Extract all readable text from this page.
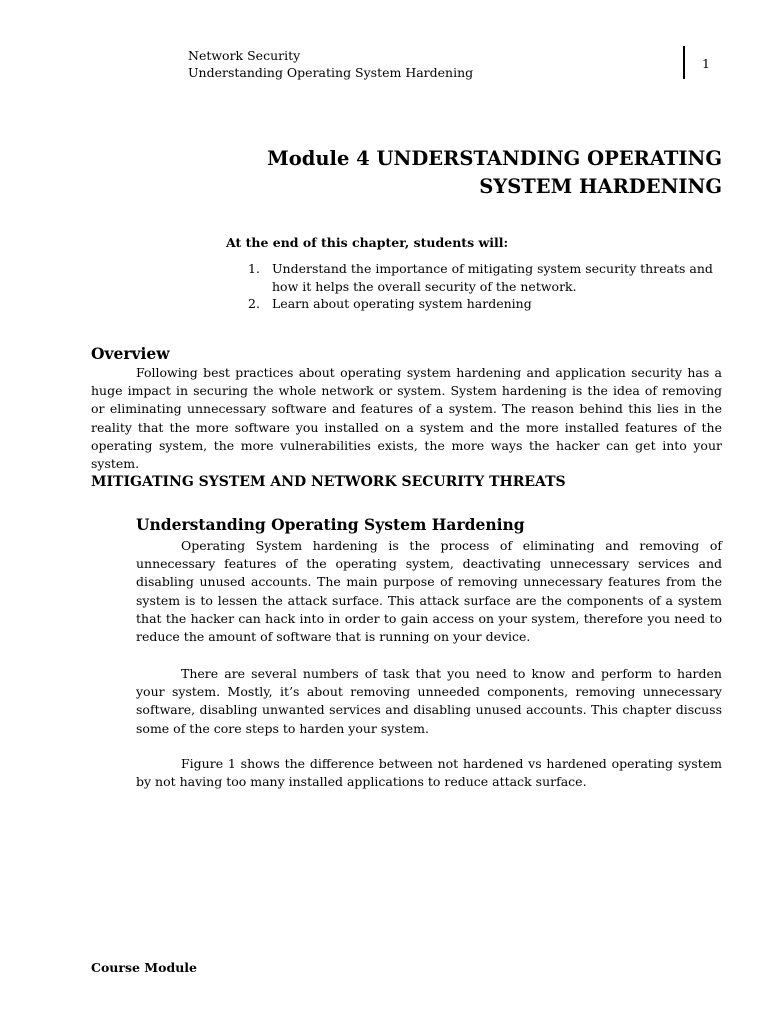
Network Security
Understanding Operating System Hardening
1
Module 4 UNDERSTANDING OPERATING
SYSTEM HARDENING
At the end of this chapter, students will:
1. Understand the importance of mitigating system security threats and how it helps the overall security of the network.
2. Learn about operating system hardening
Overview

Following best practices about operating system hardening and application security has a huge impact in securing the whole network or system. System hardening is the idea of removing or eliminating unnecessary software and features of a system. The reason behind this lies in the reality that the more software you installed on a system and the more installed features of the operating system, the more vulnerabilities exists, the more ways the hacker can get into your system.

MITIGATING SYSTEM AND NETWORK SECURITY THREATS
Understanding Operating System Hardening

Operating System hardening is the process of eliminating and removing of unnecessary features of the operating system, deactivating unnecessary services and disabling unused accounts. The main purpose of removing unnecessary features from the system is to lessen the attack surface. This attack surface are the components of a system that the hacker can hack into in order to gain access on your system, therefore you need to reduce the amount of software that is running on your device.

There are several numbers of task that you need to know and perform to harden your system. Mostly, it’s about removing unneeded components, removing unnecessary software, disabling unwanted services and disabling unused accounts. This chapter discuss some of the core steps to harden your system.

Figure 1 shows the difference between not hardened vs hardened operating system by not having too many installed applications to reduce attack surface.

Course Module
